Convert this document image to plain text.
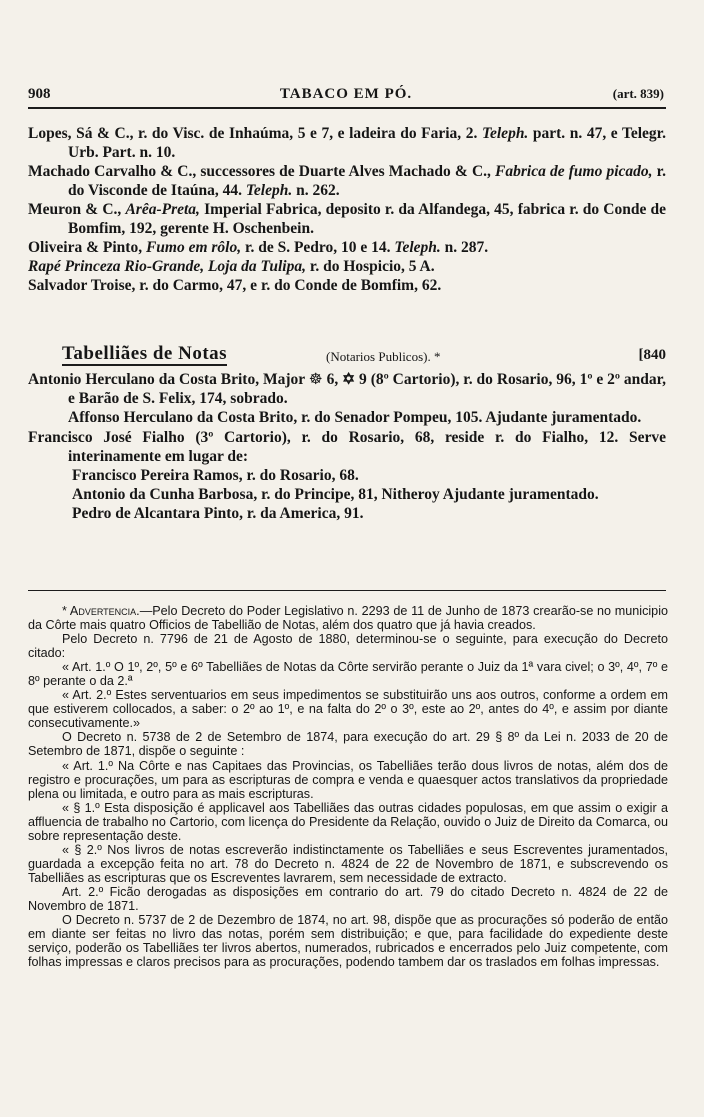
908	TABACO EM PÓ.	(art. 839)

Lopes, Sá & C., r. do Visc. de Inhaúma, 5 e 7, e ladeira do Faria, 2. Teleph. part. n. 47, e Telegr. Urb. Part. n. 10.

Machado Carvalho & C., successores de Duarte Alves Machado & C., Fabrica de fumo picado, r. do Visconde de Itaúna, 44. Teleph. n. 262.

Meuron & C., Arêa-Preta, Imperial Fabrica, deposito r. da Alfandega, 45, fabrica r. do Conde de Bomfim, 192, gerente H. Oschenbein.

Oliveira & Pinto, Fumo em rôlo, r. de S. Pedro, 10 e 14. Teleph. n. 287.

Rapé Princeza Rio-Grande, Loja da Tulipa, r. do Hospicio, 5 A.

Salvador Troise, r. do Carmo, 47, e r. do Conde de Bomfim, 62.

Tabelliães de Notas	(Notarios Publicos). *	[840

Antonio Herculano da Costa Brito, Major ☸ 6, ✡ 9 (8º Cartorio), r. do Rosario, 96, 1º e 2º andar, e Barão de S. Felix, 174, sobrado.

Affonso Herculano da Costa Brito, r. do Senador Pompeu, 105. Ajudante juramentado.

Francisco José Fialho (3º Cartorio), r. do Rosario, 68, reside r. do Fialho, 12. Serve interinamente em lugar de:

Francisco Pereira Ramos, r. do Rosario, 68.

Antonio da Cunha Barbosa, r. do Principe, 81, Nitheroy Ajudante juramentado.

Pedro de Alcantara Pinto, r. da America, 91.

* Advertencia.—Pelo Decreto do Poder Legislativo n. 2293 de 11 de Junho de 1873 crearão-se no municipio da Côrte mais quatro Officios de Tabellião de Notas, além dos quatro que já havia creados.

Pelo Decreto n. 7796 de 21 de Agosto de 1880, determinou-se o seguinte, para execução do Decreto citado:

« Art. 1.º O 1º, 2º, 5º e 6º Tabelliães de Notas da Côrte servirão perante o Juiz da 1ª vara civel; o 3º, 4º, 7º e 8º perante o da 2.ª

« Art. 2.º Estes serventuarios em seus impedimentos se substituirão uns aos outros, conforme a ordem em que estiverem collocados, a saber: o 2º ao 1º, e na falta do 2º o 3º, este ao 2º, antes do 4º, e assim por diante consecutivamente.»

O Decreto n. 5738 de 2 de Setembro de 1874, para execução do art. 29 § 8º da Lei n. 2033 de 20 de Setembro de 1871, dispõe o seguinte :

« Art. 1.º Na Côrte e nas Capitaes das Provincias, os Tabelliães terão dous livros de notas, além dos de registro e procurações, um para as escripturas de compra e venda e quaesquer actos translativos da propriedade plena ou limitada, e outro para as mais escripturas.

« § 1.º Esta disposição é applicavel aos Tabelliães das outras cidades populosas, em que assim o exigir a affluencia de trabalho no Cartorio, com licença do Presidente da Relação, ouvido o Juiz de Direito da Comarca, ou sobre representação deste.

« § 2.º Nos livros de notas escreverão indistinctamente os Tabelliães e seus Escreventes juramentados, guardada a excepção feita no art. 78 do Decreto n. 4824 de 22 de Novembro de 1871, e subscrevendo os Tabelliães as escripturas que os Escreventes lavrarem, sem necessidade de extracto.

Art. 2.º Ficão derogadas as disposições em contrario do art. 79 do citado Decreto n. 4824 de 22 de Novembro de 1871.

O Decreto n. 5737 de 2 de Dezembro de 1874, no art. 98, dispõe que as procurações só poderão de então em diante ser feitas no livro das notas, porém sem distribuição; e que, para facilidade do expediente deste serviço, poderão os Tabelliães ter livros abertos, numerados, rubricados e encerrados pelo Juiz competente, com folhas impressas e claros precisos para as procurações, podendo tambem dar os traslados em folhas impressas.
